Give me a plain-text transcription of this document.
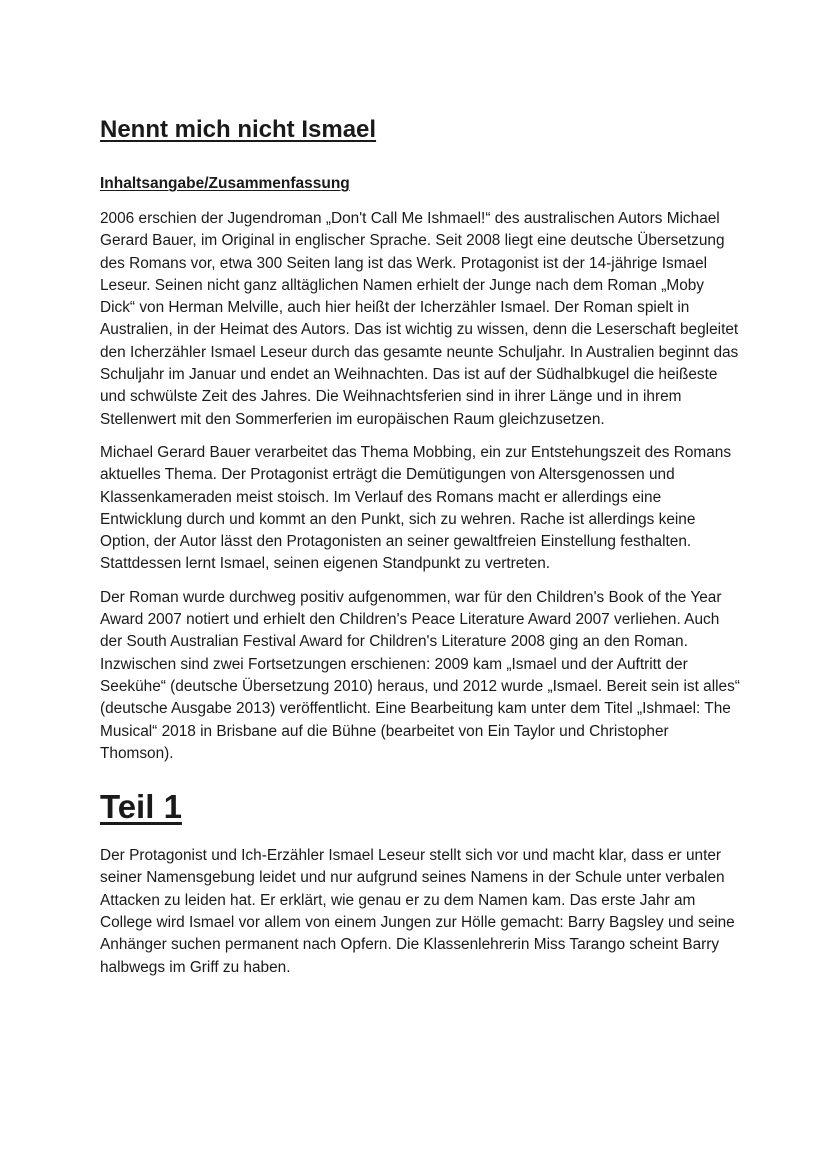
Nennt mich nicht Ismael
Inhaltsangabe/Zusammenfassung

2006 erschien der Jugendroman „Don't Call Me Ishmael!“ des australischen Autors Michael Gerard Bauer, im Original in englischer Sprache. Seit 2008 liegt eine deutsche Übersetzung des Romans vor, etwa 300 Seiten lang ist das Werk. Protagonist ist der 14-jährige Ismael Leseur. Seinen nicht ganz alltäglichen Namen erhielt der Junge nach dem Roman „Moby Dick“ von Herman Melville, auch hier heißt der Icherzähler Ismael. Der Roman spielt in Australien, in der Heimat des Autors. Das ist wichtig zu wissen, denn die Leserschaft begleitet den Icherzähler Ismael Leseur durch das gesamte neunte Schuljahr. In Australien beginnt das Schuljahr im Januar und endet an Weihnachten. Das ist auf der Südhalbkugel die heißeste und schwülste Zeit des Jahres. Die Weihnachtsferien sind in ihrer Länge und in ihrem Stellenwert mit den Sommerferien im europäischen Raum gleichzusetzen.

Michael Gerard Bauer verarbeitet das Thema Mobbing, ein zur Entstehungszeit des Romans aktuelles Thema. Der Protagonist erträgt die Demütigungen von Altersgenossen und Klassenkameraden meist stoisch. Im Verlauf des Romans macht er allerdings eine Entwicklung durch und kommt an den Punkt, sich zu wehren. Rache ist allerdings keine Option, der Autor lässt den Protagonisten an seiner gewaltfreien Einstellung festhalten. Stattdessen lernt Ismael, seinen eigenen Standpunkt zu vertreten.

Der Roman wurde durchweg positiv aufgenommen, war für den Children's Book of the Year Award 2007 notiert und erhielt den Children's Peace Literature Award 2007 verliehen. Auch der South Australian Festival Award for Children's Literature 2008 ging an den Roman. Inzwischen sind zwei Fortsetzungen erschienen: 2009 kam „Ismael und der Auftritt der Seekühe“ (deutsche Übersetzung 2010) heraus, und 2012 wurde „Ismael. Bereit sein ist alles“ (deutsche Ausgabe 2013) veröffentlicht. Eine Bearbeitung kam unter dem Titel „Ishmael: The Musical“ 2018 in Brisbane auf die Bühne (bearbeitet von Ein Taylor und Christopher Thomson).

Teil 1

Der Protagonist und Ich-Erzähler Ismael Leseur stellt sich vor und macht klar, dass er unter seiner Namensgebung leidet und nur aufgrund seines Namens in der Schule unter verbalen Attacken zu leiden hat. Er erklärt, wie genau er zu dem Namen kam. Das erste Jahr am College wird Ismael vor allem von einem Jungen zur Hölle gemacht: Barry Bagsley und seine Anhänger suchen permanent nach Opfern. Die Klassenlehrerin Miss Tarango scheint Barry halbwegs im Griff zu haben.
